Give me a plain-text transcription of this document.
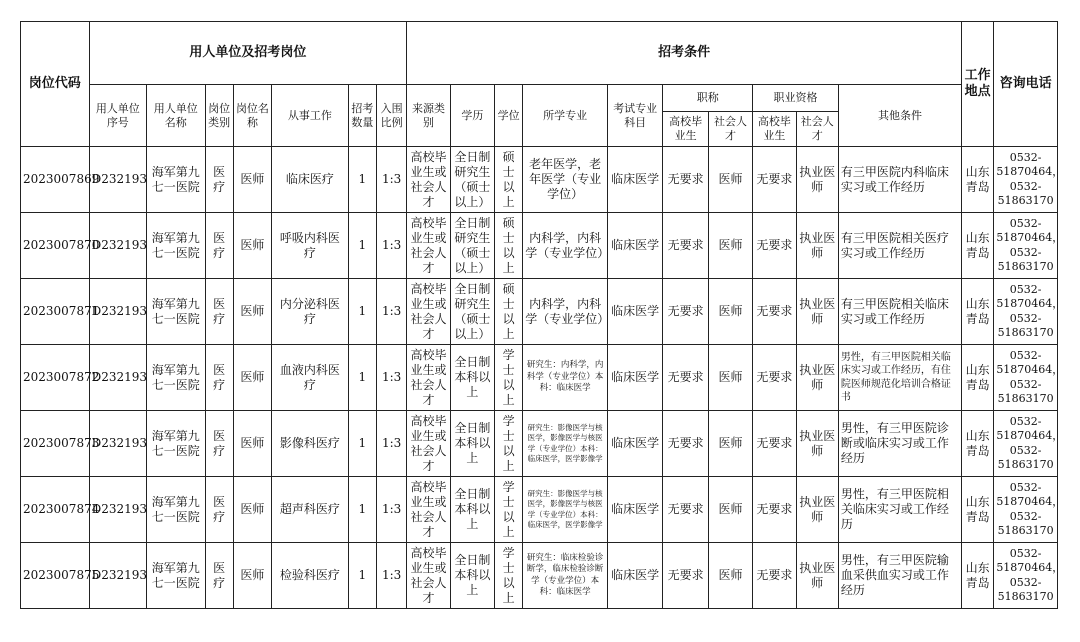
岗位代码	用人单位及招考岗位							招考条件										工作地点	咨询电话
	用人单位序号	用人单位名称	岗位类别	岗位名称	从事工作	招考数量	入围比例	来源类别	学历	学位	所学专业	考试专业科目	职称		职业资格		其他条件		
													高校毕业生	社会人才	高校毕业生	社会人才			
2023007869	D232193	海军第九七一医院	医疗	医师	临床医疗	1	1:3	高校毕业生或社会人才	全日制研究生（硕士以上）	硕士以上	老年医学，老年医学（专业学位）	临床医学	无要求	医师	无要求	执业医师	有三甲医院内科临床实习或工作经历	山东青岛	0532-51870464，0532-51863170
2023007870	D232193	海军第九七一医院	医疗	医师	呼吸内科医疗	1	1:3	高校毕业生或社会人才	全日制研究生（硕士以上）	硕士以上	内科学，内科学（专业学位）	临床医学	无要求	医师	无要求	执业医师	有三甲医院相关医疗实习或工作经历	山东青岛	0532-51870464，0532-51863170
2023007871	D232193	海军第九七一医院	医疗	医师	内分泌科医疗	1	1:3	高校毕业生或社会人才	全日制研究生（硕士以上）	硕士以上	内科学，内科学（专业学位）	临床医学	无要求	医师	无要求	执业医师	有三甲医院相关临床实习或工作经历	山东青岛	0532-51870464，0532-51863170
2023007872	D232193	海军第九七一医院	医疗	医师	血液内科医疗	1	1:3	高校毕业生或社会人才	全日制本科以上	学士以上	研究生：内科学，内科学（专业学位）本科：临床医学	临床医学	无要求	医师	无要求	执业医师	男性，有三甲医院相关临床实习或工作经历，有住院医师规范化培训合格证书	山东青岛	0532-51870464，0532-51863170
2023007873	D232193	海军第九七一医院	医疗	医师	影像科医疗	1	1:3	高校毕业生或社会人才	全日制本科以上	学士以上	研究生：影像医学与核医学，影像医学与核医学（专业学位）本科：临床医学，医学影像学	临床医学	无要求	医师	无要求	执业医师	男性，有三甲医院诊断或临床实习或工作经历	山东青岛	0532-51870464，0532-51863170
2023007874	D232193	海军第九七一医院	医疗	医师	超声科医疗	1	1:3	高校毕业生或社会人才	全日制本科以上	学士以上	研究生：影像医学与核医学，影像医学与核医学（专业学位）本科：临床医学，医学影像学	临床医学	无要求	医师	无要求	执业医师	男性，有三甲医院相关临床实习或工作经历	山东青岛	0532-51870464，0532-51863170
2023007875	D232193	海军第九七一医院	医疗	医师	检验科医疗	1	1:3	高校毕业生或社会人才	全日制本科以上	学士以上	研究生：临床检验诊断学，临床检验诊断学（专业学位）本科：临床医学	临床医学	无要求	医师	无要求	执业医师	男性，有三甲医院输血采供血实习或工作经历	山东青岛	0532-51870464，0532-51863170
